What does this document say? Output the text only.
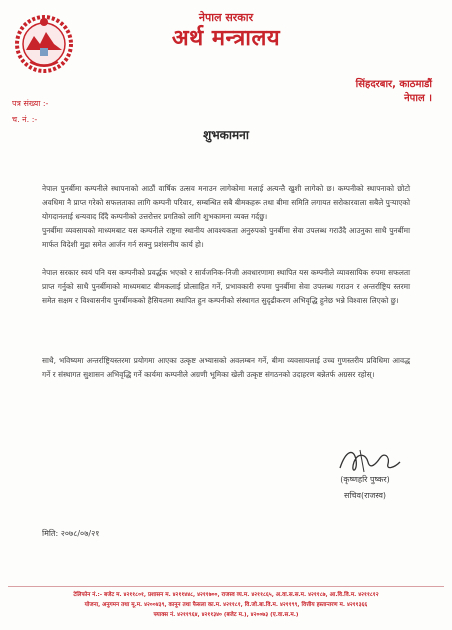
नेपाल सरकार
अर्थ मन्त्रालय
सिंहदरबार, काठमाडौं
नेपाल ।
पत्र संख्या :-
च. नं. :-
शुभकामना

नेपाल पुनर्बीमा कम्पनीले स्थापनाको आठौं वार्षिक उत्सव मनाउन लागेकोमा मलाई अत्यन्तै खुशी लागेको छ। कम्पनीको स्थापनाको छोटो अवधिमा नै प्राप्त गरेको सफलताका लागि कम्पनी परिवार, सम्बन्धित सबै बीमकहरू तथा बीमा समिति लगायत सरोकारवाला सबैले पुऱ्याएको योगदानलाई धन्यवाद दिँदै कम्पनीको उत्तरोत्तर प्रगतिको लागि शुभकामना व्यक्त गर्दछु।

पुनर्बीमा व्यवसायको माध्यमबाट यस कम्पनीले राष्ट्रमा स्थानीय आवश्यकता अनुरुपको पुनर्बीमा सेवा उपलब्ध गराउँदै आउनुका साथै पुनर्बीमा मार्फत विदेशी मुद्रा समेत आर्जन गर्न सक्नु प्रशंसनीय कार्य हो।

नेपाल सरकार स्वयं पनि यस कम्पनीको प्रवर्द्धक भएको र सार्वजनिक-निजी अवधारणामा स्थापित यस कम्पनीले व्यावसायिक रुपमा सफलता प्राप्त गर्नुको साथै पुनर्बीमाको माध्यमबाट बीमकलाई प्रोत्साहित गर्ने, प्रभावकारी रुपमा पुनर्बीमा सेवा उपलब्ध गराउन र अन्तर्राष्ट्रिय स्तरमा समेत सक्षम र विश्वासनीय पुनर्बीमकको हैसियतमा स्थापित हुन कम्पनीको संस्थागत सुदृढीकरण अभिवृद्धि हुनेछ भन्ने विश्वास लिएको छु।

साथै, भविष्यमा अन्तर्राष्ट्रियस्तरमा प्रयोगमा आएका उत्कृष्ट अभ्यासको अवलम्बन गर्ने, बीमा व्यवसायलाई उच्च गुणस्तरीय प्रविधिमा आवद्ध गर्ने र संस्थागत सुशासन अभिवृद्धि गर्ने कार्यमा कम्पनीले अग्रणी भूमिका खेली उत्कृष्ट संगठनको उदाहरण बन्नेतर्फ अग्रसर रहोस्।

(कृष्णहरि पुष्कर)
सचिव(राजस्व)
मिति: २०७८/०७/२१
टेलिफोन नं.:- बजेट म. ४२११८०१, प्रशासन म. ४२११४४८, ४२११७००, राजस्व व्य.म. ४२११८६५, अ.वा.स.स.म. ४२११८७, आ.वि.वि.म. ४२११८१२
योजना, अनुगमन तथा मू.म. ४२००४३९, कानून तथा फैसला का.म. ४२११८१, वि.जो.बा.वि.म. ४२११९९, वित्तीय हस्तान्तरण म. ४२११३६६
फ्याक्स नं. ४२११९६४, ४२११३४० (बजेट म.), ४२००७३ (ए.वा.स.म.)
